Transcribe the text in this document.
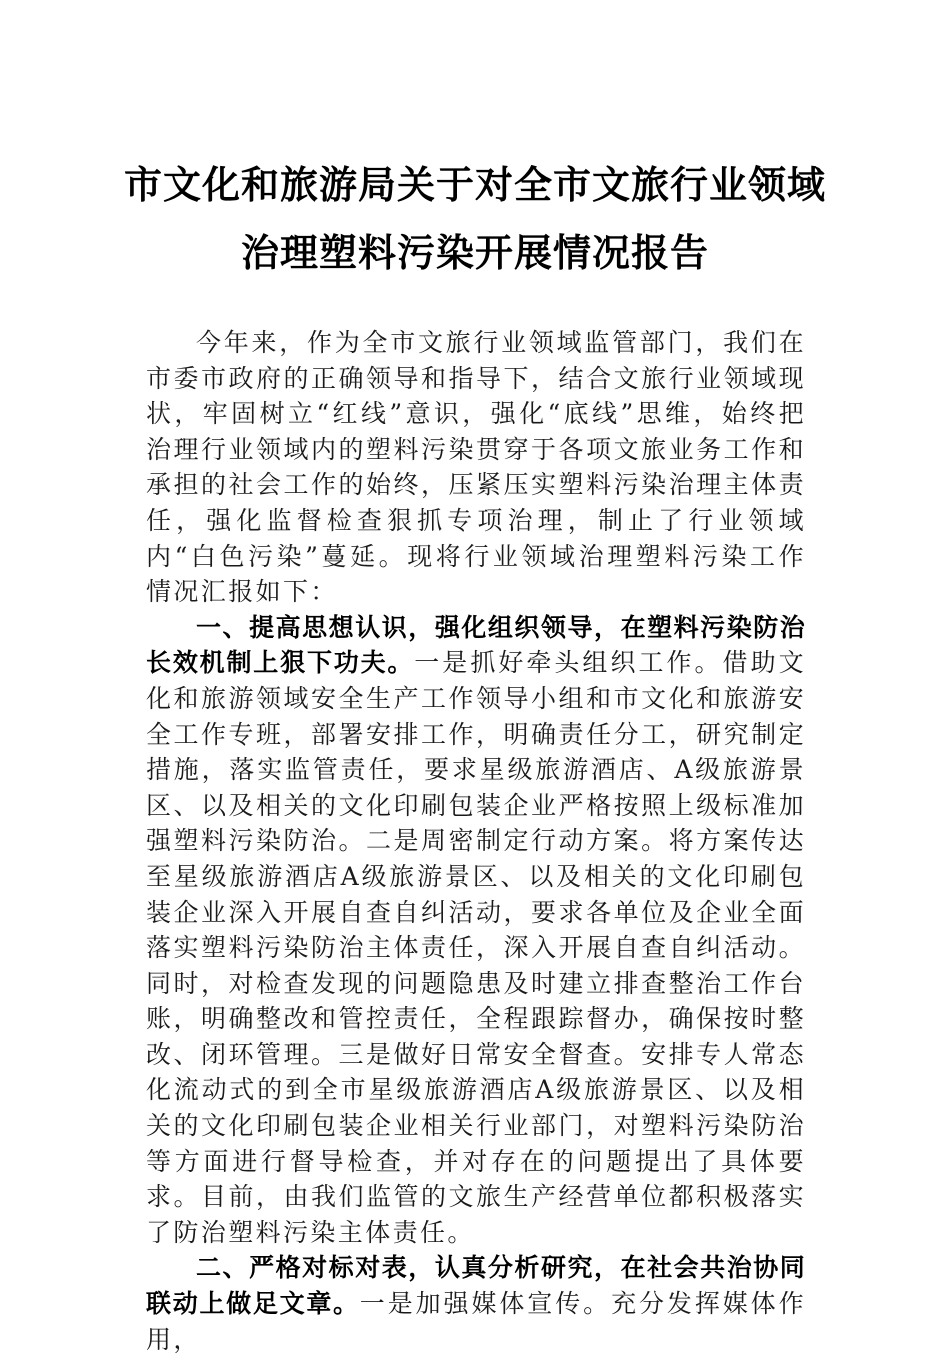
市文化和旅游局关于对全市文旅行业领域
治理塑料污染开展情况报告

今年来，作为全市文旅行业领域监管部门，我们在市委市政府的正确领导和指导下，结合文旅行业领域现状，牢固树立“红线”意识，强化“底线”思维，始终把治理行业领域内的塑料污染贯穿于各项文旅业务工作和承担的社会工作的始终，压紧压实塑料污染治理主体责任，强化监督检查狠抓专项治理，制止了行业领域内“白色污染”蔓延。现将行业领域治理塑料污染工作情况汇报如下：

一、提高思想认识，强化组织领导，在塑料污染防治长效机制上狠下功夫。一是抓好牵头组织工作。借助文化和旅游领域安全生产工作领导小组和市文化和旅游安全工作专班，部署安排工作，明确责任分工，研究制定措施，落实监管责任，要求星级旅游酒店、A级旅游景区、以及相关的文化印刷包装企业严格按照上级标准加强塑料污染防治。二是周密制定行动方案。将方案传达至星级旅游酒店A级旅游景区、以及相关的文化印刷包装企业深入开展自查自纠活动，要求各单位及企业全面落实塑料污染防治主体责任，深入开展自查自纠活动。同时，对检查发现的问题隐患及时建立排查整治工作台账，明确整改和管控责任，全程跟踪督办，确保按时整改、闭环管理。三是做好日常安全督查。安排专人常态化流动式的到全市星级旅游酒店A级旅游景区、以及相关的文化印刷包装企业相关行业部门，对塑料污染防治等方面进行督导检查，并对存在的问题提出了具体要求。目前，由我们监管的文旅生产经营单位都积极落实了防治塑料污染主体责任。

二、严格对标对表，认真分析研究，在社会共治协同联动上做足文章。一是加强媒体宣传。充分发挥媒体作用，
